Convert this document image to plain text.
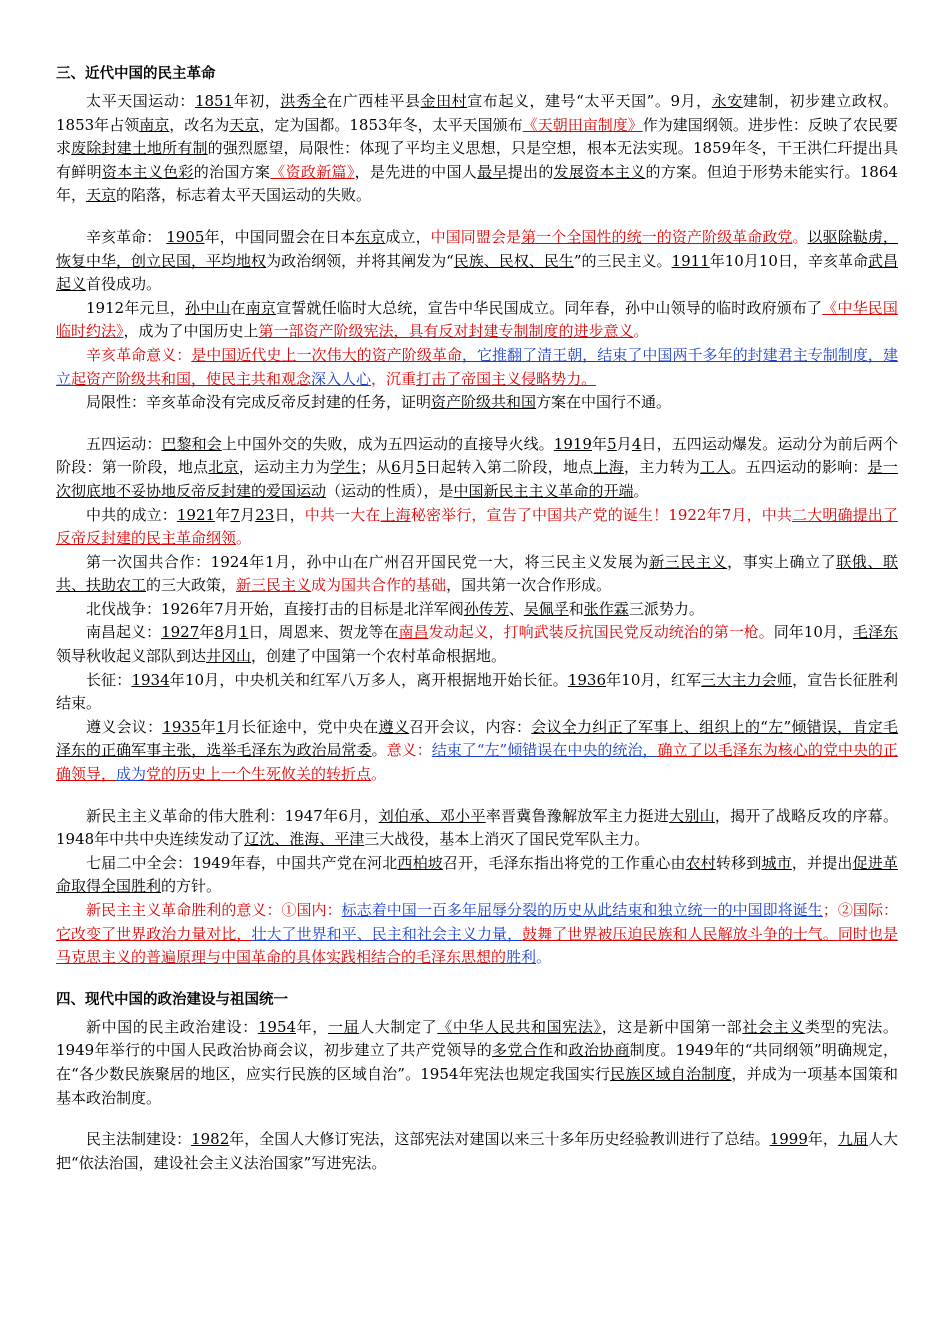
三、近代中国的民主革命

太平天国运动：1851年初，洪秀全在广西桂平县金田村宣布起义，建号“太平天国”。9月，永安建制，初步建立政权。1853年占领南京，改名为天京，定为国都。1853年冬，太平天国颁布《天朝田亩制度》作为建国纲领。进步性：反映了农民要求废除封建土地所有制的强烈愿望，局限性：体现了平均主义思想，只是空想，根本无法实现。1859年冬，干王洪仁玕提出具有鲜明资本主义色彩的治国方案《资政新篇》，是先进的中国人最早提出的发展资本主义的方案。但迫于形势未能实行。1864年，天京的陷落，标志着太平天国运动的失败。

辛亥革命： 1905年，中国同盟会在日本东京成立，中国同盟会是第一个全国性的统一的资产阶级革命政党。以驱除鞑虏，恢复中华，创立民国，平均地权为政治纲领，并将其阐发为“民族、民权、民生”的三民主义。1911年10月10日，辛亥革命武昌起义首役成功。

1912年元旦，孙中山在南京宣誓就任临时大总统，宣告中华民国成立。同年春，孙中山领导的临时政府颁布了《中华民国临时约法》，成为了中国历史上第一部资产阶级宪法，具有反对封建专制制度的进步意义。

辛亥革命意义：是中国近代史上一次伟大的资产阶级革命，它推翻了清王朝，结束了中国两千多年的封建君主专制制度，建立起资产阶级共和国，使民主共和观念深入人心，沉重打击了帝国主义侵略势力。

局限性：辛亥革命没有完成反帝反封建的任务，证明资产阶级共和国方案在中国行不通。

五四运动：巴黎和会上中国外交的失败，成为五四运动的直接导火线。1919年5月4日，五四运动爆发。运动分为前后两个阶段：第一阶段，地点北京，运动主力为学生；从6月5日起转入第二阶段，地点上海，主力转为工人。五四运动的影响：是一次彻底地不妥协地反帝反封建的爱国运动（运动的性质），是中国新民主主义革命的开端。

中共的成立：1921年7月23日，中共一大在上海秘密举行，宣告了中国共产党的诞生！1922年7月，中共二大明确提出了反帝反封建的民主革命纲领。

第一次国共合作：1924年1月，孙中山在广州召开国民党一大，将三民主义发展为新三民主义，事实上确立了联俄、联共、扶助农工的三大政策，新三民主义成为国共合作的基础，国共第一次合作形成。

北伐战争：1926年7月开始，直接打击的目标是北洋军阀孙传芳、吴佩孚和张作霖三派势力。

南昌起义：1927年8月1日，周恩来、贺龙等在南昌发动起义，打响武装反抗国民党反动统治的第一枪。同年10月，毛泽东领导秋收起义部队到达井冈山，创建了中国第一个农村革命根据地。

长征：1934年10月，中央机关和红军八万多人，离开根据地开始长征。1936年10月，红军三大主力会师，宣告长征胜利结束。

遵义会议：1935年1月长征途中，党中央在遵义召开会议，内容：会议全力纠正了军事上、组织上的“左”倾错误，肯定毛泽东的正确军事主张，选举毛泽东为政治局常委。意义：结束了“左”倾错误在中央的统治，确立了以毛泽东为核心的党中央的正确领导，成为党的历史上一个生死攸关的转折点。

新民主主义革命的伟大胜利：1947年6月，刘伯承、邓小平率晋冀鲁豫解放军主力挺进大别山，揭开了战略反攻的序幕。1948年中共中央连续发动了辽沈、淮海、平津三大战役，基本上消灭了国民党军队主力。

七届二中全会：1949年春，中国共产党在河北西柏坡召开，毛泽东指出将党的工作重心由农村转移到城市，并提出促进革命取得全国胜利的方针。

新民主主义革命胜利的意义：①国内：标志着中国一百多年屈辱分裂的历史从此结束和独立统一的中国即将诞生；②国际：它改变了世界政治力量对比，壮大了世界和平、民主和社会主义力量，鼓舞了世界被压迫民族和人民解放斗争的士气。同时也是马克思主义的普遍原理与中国革命的具体实践相结合的毛泽东思想的胜利。

四、现代中国的政治建设与祖国统一

新中国的民主政治建设：1954年，一届人大制定了《中华人民共和国宪法》，这是新中国第一部社会主义类型的宪法。1949年举行的中国人民政治协商会议，初步建立了共产党领导的多党合作和政治协商制度。1949年的“共同纲领”明确规定，在“各少数民族聚居的地区，应实行民族的区域自治”。1954年宪法也规定我国实行民族区域自治制度，并成为一项基本国策和基本政治制度。

民主法制建设：1982年，全国人大修订宪法，这部宪法对建国以来三十多年历史经验教训进行了总结。1999年，九届人大把“依法治国，建设社会主义法治国家”写进宪法。
